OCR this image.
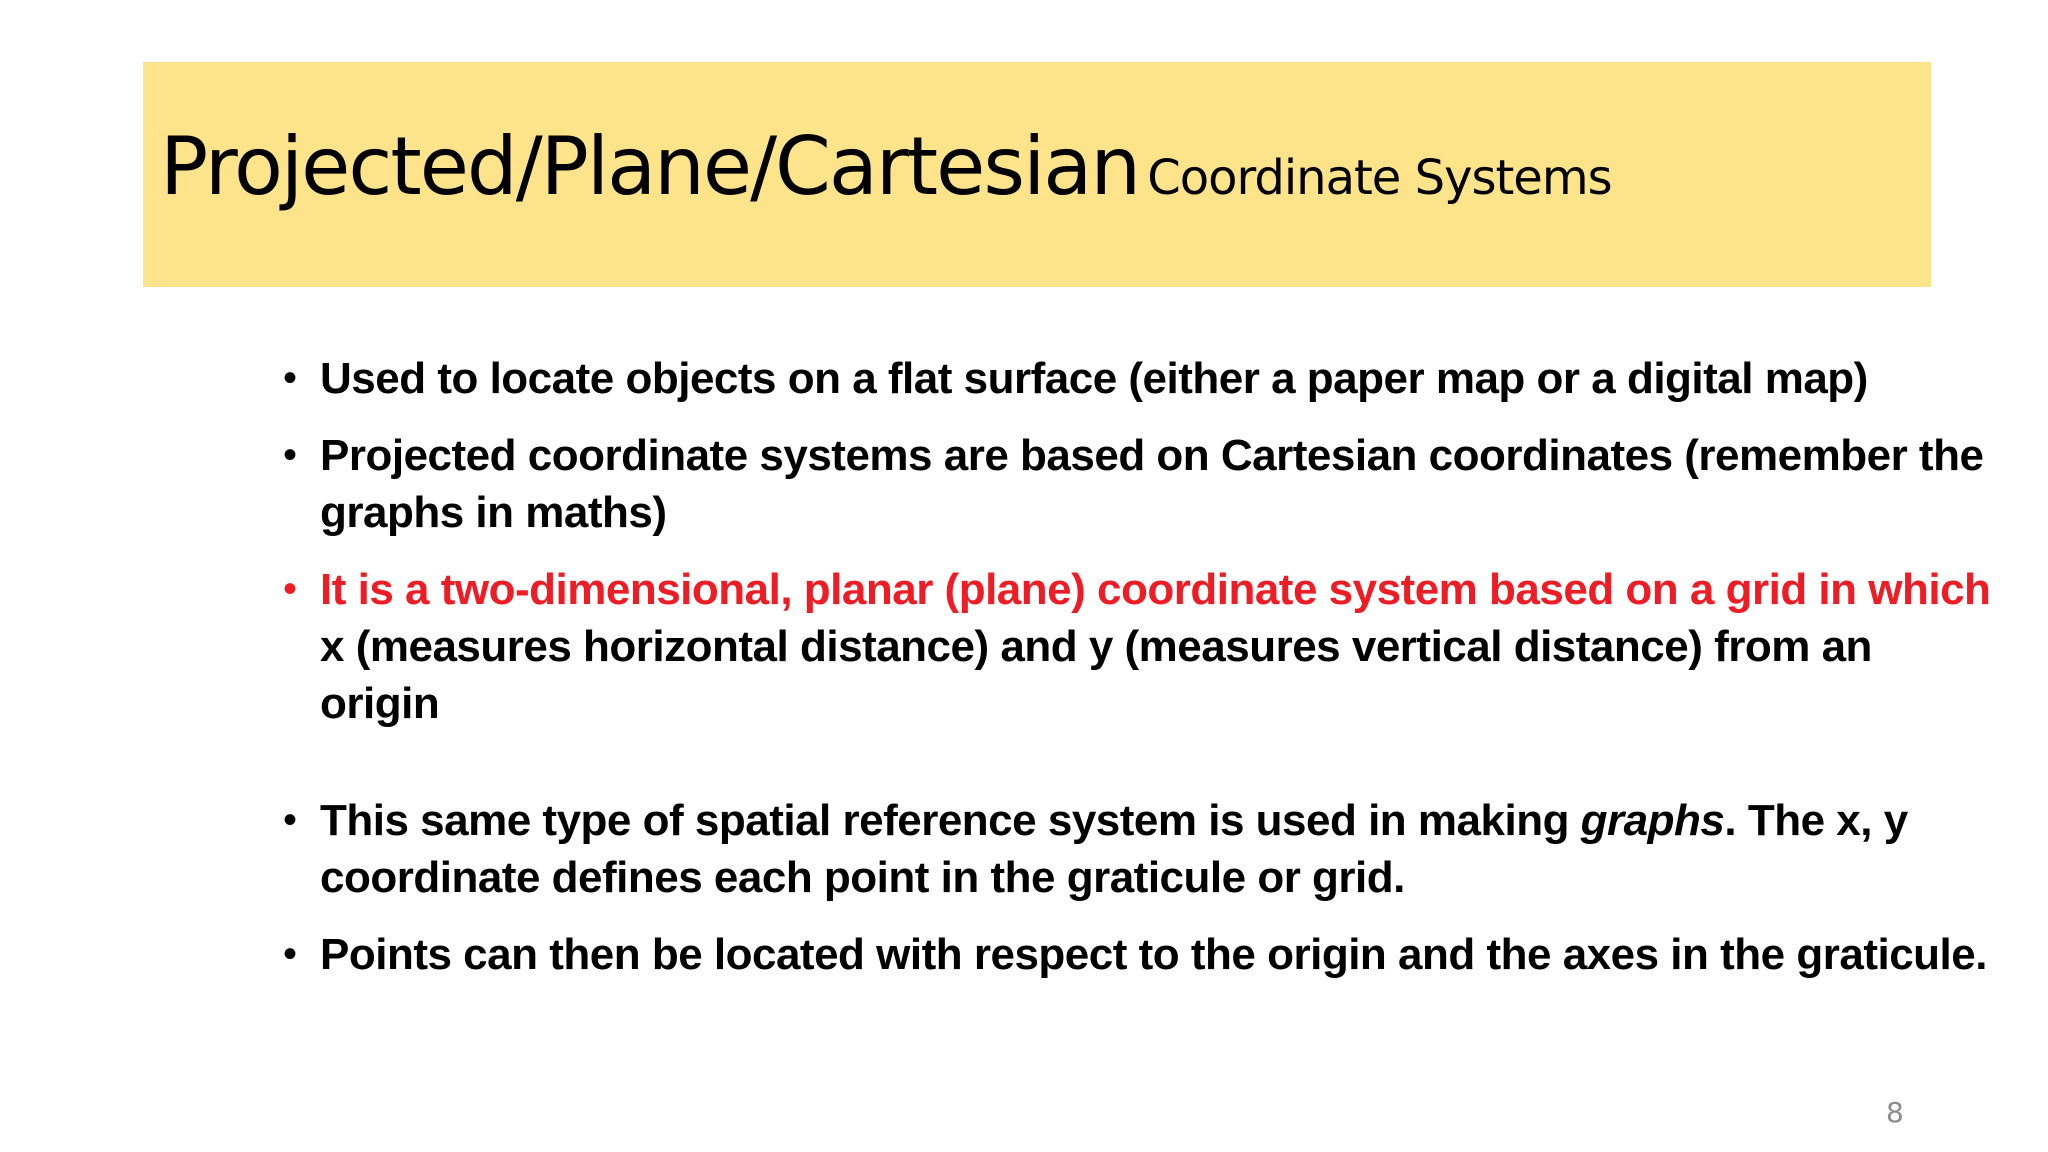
Projected/Plane/Cartesian Coordinate Systems
• Used to locate objects on a flat surface (either a paper map or a digital map)
• Projected coordinate systems are based on Cartesian coordinates (remember the graphs in maths)
• It is a two-dimensional, planar (plane) coordinate system based on a grid in which x (measures horizontal distance) and y (measures vertical distance) from an origin
• This same type of spatial reference system is used in making graphs. The x, y coordinate defines each point in the graticule or grid.
• Points can then be located with respect to the origin and the axes in the graticule.
8
